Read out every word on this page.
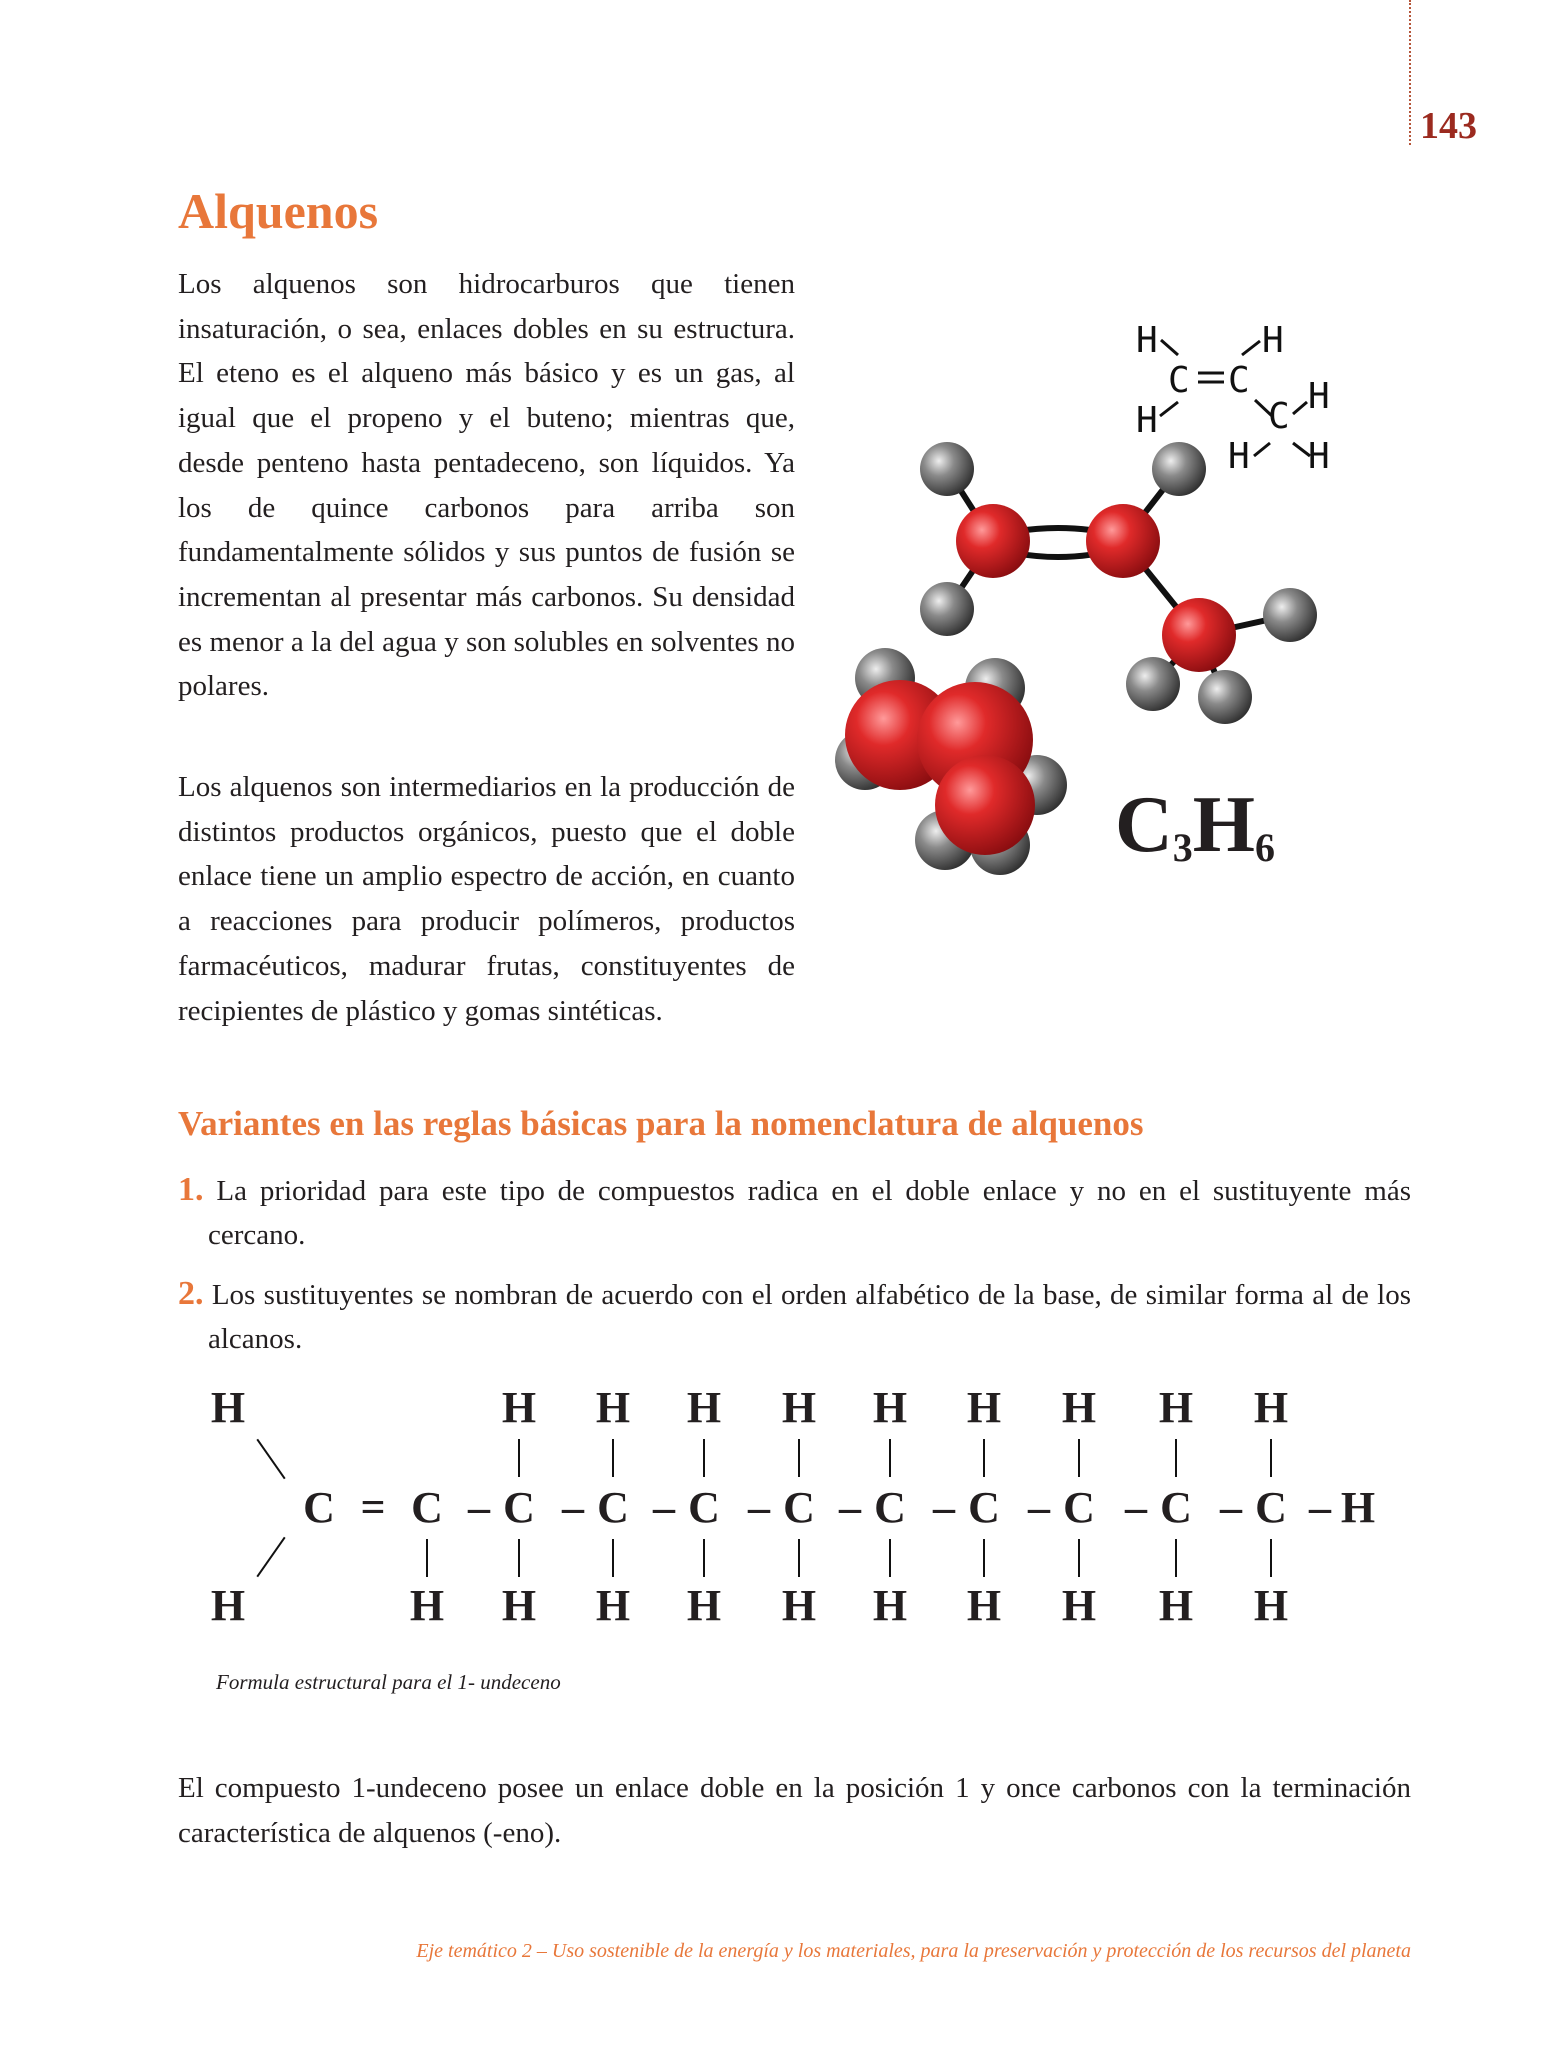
143
Alquenos
Los alquenos son hidrocarburos que tienen insaturación, o sea, enlaces dobles en su estructura. El eteno es el alqueno más básico y es un gas, al igual que el propeno y el buteno; mientras que, desde penteno hasta pentadeceno, son líquidos. Ya los de quince carbonos para arriba son fundamentalmente sólidos y sus puntos de fusión se incrementan al presentar más carbonos. Su densidad es menor a la del agua y son solubles en solventes no polares.
Los alquenos son intermediarios en la producción de distintos productos orgánicos, puesto que el doble enlace tiene un amplio espectro de acción, en cuanto a reacciones para producir polímeros, productos farmacéuticos, madurar frutas, constituyentes de recipientes de plástico y gomas sintéticas.
H	H
C C
H	C H
H H
$C_3H_6$
Variantes en las reglas básicas para la nomenclatura de alquenos
1. La prioridad para este tipo de compuestos radica en el doble enlace y no en el sustituyente más cercano.
2. Los sustituyentes se nombran de acuerdo con el orden alfabético de la base, de similar forma al de los alcanos.
H
H
C C
=
H
C
–
H
H
C
–
H
H
C
–
H
H
C
–
H
H
C
–
H
H
C
–
H
H
C
–
H
H
C
–
H
H
C
–
H
H
– H
Formula estructural para el 1- undeceno
El compuesto 1-undeceno posee un enlace doble en la posición 1 y once carbonos con la terminación característica de alquenos (-eno).
Eje temático 2 – Uso sostenible de la energía y los materiales, para la preservación y protección de los recursos del planeta
